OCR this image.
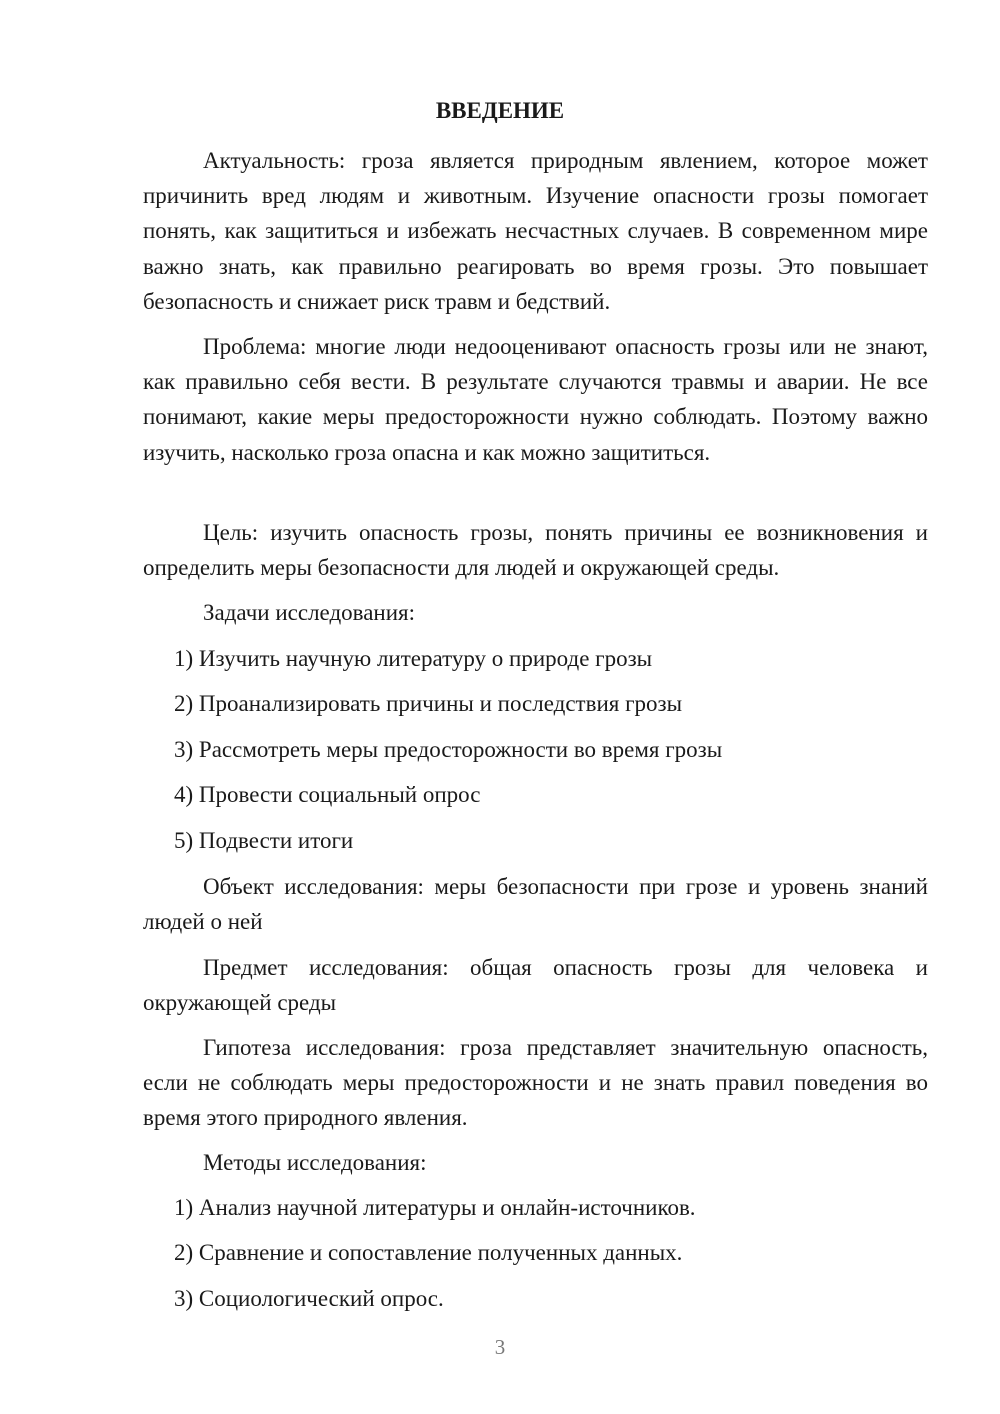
ВВЕДЕНИЕ

Актуальность: гроза является природным явлением, которое может причинить вред людям и животным. Изучение опасности грозы помогает понять, как защититься и избежать несчастных случаев. В современном мире важно знать, как правильно реагировать во время грозы. Это повышает безопасность и снижает риск травм и бедствий.

Проблема: многие люди недооценивают опасность грозы или не знают, как правильно себя вести. В результате случаются травмы и аварии. Не все понимают, какие меры предосторожности нужно соблюдать. Поэтому важно изучить, насколько гроза опасна и как можно защититься.

Цель: изучить опасность грозы, понять причины ее возникновения и определить меры безопасности для людей и окружающей среды.

Задачи исследования:

1) Изучить научную литературу о природе грозы

2) Проанализировать причины и последствия грозы

3) Рассмотреть меры предосторожности во время грозы

4) Провести социальный опрос

5) Подвести итоги

Объект исследования: меры безопасности при грозе и уровень знаний людей о ней

Предмет исследования: общая опасность грозы для человека и окружающей среды

Гипотеза исследования: гроза представляет значительную опасность, если не соблюдать меры предосторожности и не знать правил поведения во время этого природного явления.

Методы исследования:

1) Анализ научной литературы и онлайн-источников.

2) Сравнение и сопоставление полученных данных.

3) Социологический опрос.

3
